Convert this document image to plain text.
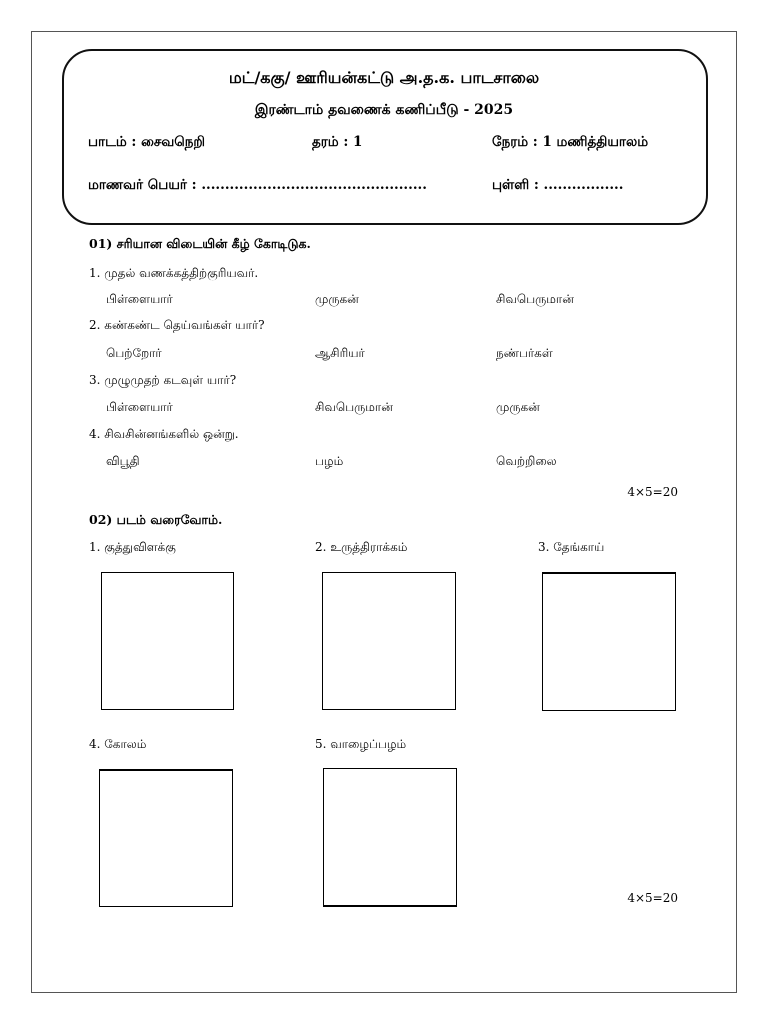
மட்/ககு/ ஊரியன்கட்டு அ.த.க. பாடசாலை
இரண்டாம் தவணைக் கணிப்பீடு - 2025
பாடம் : சைவநெறி	தரம் : 1	நேரம் : 1 மணித்தியாலம்
மாணவர் பெயர் : ................................................	புள்ளி : .................
01) சரியான விடையின் கீழ் கோடிடுக.
1. முதல் வணக்கத்திற்குரியவர்.
பிள்ளையார்	முருகன்	சிவபெருமான்
2. கண்கண்ட தெய்வங்கள் யார்?
பெற்றோர்	ஆசிரியர்	நண்பர்கள்
3. முழுமுதற் கடவுள் யார்?
பிள்ளையார்	சிவபெருமான்	முருகன்
4. சிவசின்னங்களில் ஒன்று.
விபூதி	பழம்	வெற்றிலை
4×5=20
02) படம் வரைவோம்.
1. குத்துவிளக்கு	2. உருத்திராக்கம்	3. தேங்காய்
4. கோலம்	5. வாழைப்பழம்
4×5=20
